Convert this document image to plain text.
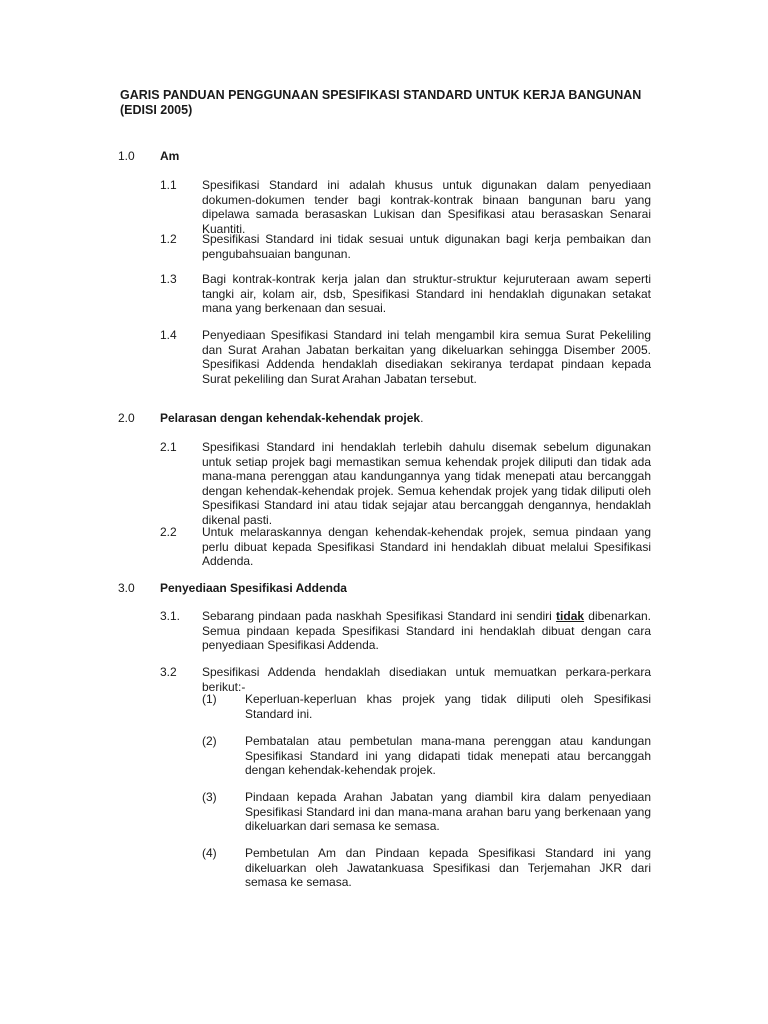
GARIS PANDUAN PENGGUNAAN SPESIFIKASI STANDARD UNTUK KERJA BANGUNAN
(EDISI 2005)
1.0 Am
1.1 Spesifikasi Standard ini adalah khusus untuk digunakan dalam penyediaan dokumen-dokumen tender bagi kontrak-kontrak binaan bangunan baru yang dipelawa samada berasaskan Lukisan dan Spesifikasi atau berasaskan Senarai Kuantiti.

1.2 Spesifikasi Standard ini tidak sesuai untuk digunakan bagi kerja pembaikan dan pengubahsuaian bangunan.

1.3 Bagi kontrak-kontrak kerja jalan dan struktur-struktur kejuruteraan awam seperti tangki air, kolam air, dsb, Spesifikasi Standard ini hendaklah digunakan setakat mana yang berkenaan dan sesuai.

1.4 Penyediaan Spesifikasi Standard ini telah mengambil kira semua Surat Pekeliling dan Surat Arahan Jabatan berkaitan yang dikeluarkan sehingga Disember 2005. Spesifikasi Addenda hendaklah disediakan sekiranya terdapat pindaan kepada Surat pekeliling dan Surat Arahan Jabatan tersebut.

2.0 Pelarasan dengan kehendak-kehendak projek.
2.1 Spesifikasi Standard ini hendaklah terlebih dahulu disemak sebelum digunakan untuk setiap projek bagi memastikan semua kehendak projek diliputi dan tidak ada mana-mana perenggan atau kandungannya yang tidak menepati atau bercanggah dengan kehendak-kehendak projek. Semua kehendak projek yang tidak diliputi oleh Spesifikasi Standard ini atau tidak sejajar atau bercanggah dengannya, hendaklah dikenal pasti.

2.2 Untuk melaraskannya dengan kehendak-kehendak projek, semua pindaan yang perlu dibuat kepada Spesifikasi Standard ini hendaklah dibuat melalui Spesifikasi Addenda.

3.0 Penyediaan Spesifikasi Addenda
3.1. Sebarang pindaan pada naskhah Spesifikasi Standard ini sendiri tidak dibenarkan. Semua pindaan kepada Spesifikasi Standard ini hendaklah dibuat dengan cara penyediaan Spesifikasi Addenda.

3.2 Spesifikasi Addenda hendaklah disediakan untuk memuatkan perkara-perkara berikut:-

(1) Keperluan-keperluan khas projek yang tidak diliputi oleh Spesifikasi Standard ini.

(2) Pembatalan atau pembetulan mana-mana perenggan atau kandungan Spesifikasi Standard ini yang didapati tidak menepati atau bercanggah dengan kehendak-kehendak projek.

(3) Pindaan kepada Arahan Jabatan yang diambil kira dalam penyediaan Spesifikasi Standard ini dan mana-mana arahan baru yang berkenaan yang dikeluarkan dari semasa ke semasa.

(4) Pembetulan Am dan Pindaan kepada Spesifikasi Standard ini yang dikeluarkan oleh Jawatankuasa Spesifikasi dan Terjemahan JKR dari semasa ke semasa.
